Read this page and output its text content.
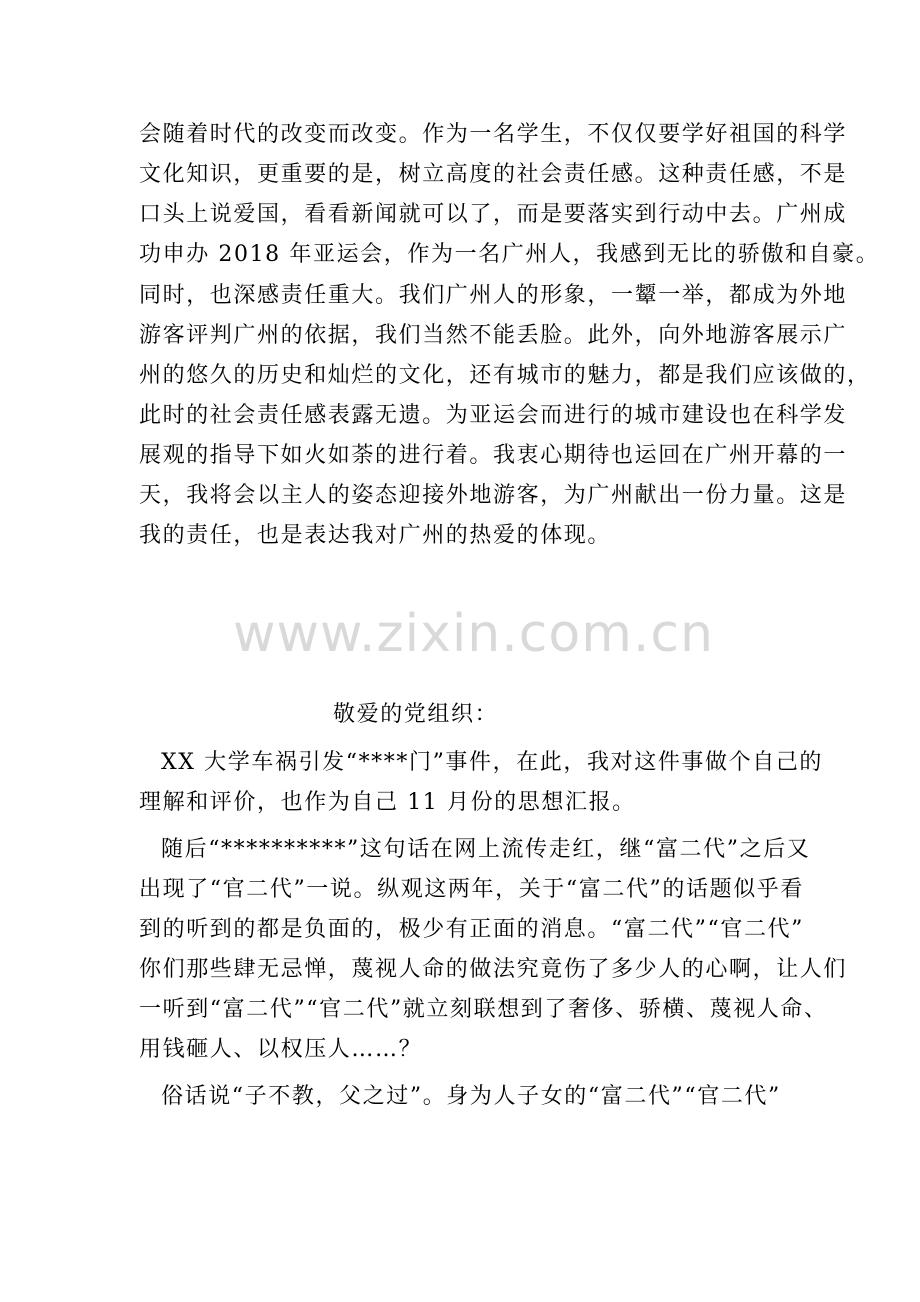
会随着时代的改变而改变。作为一名学生，不仅仅要学好祖国的科学

文化知识，更重要的是，树立高度的社会责任感。这种责任感，不是

口头上说爱国，看看新闻就可以了，而是要落实到行动中去。广州成

功申办 2018 年亚运会，作为一名广州人，我感到无比的骄傲和自豪。

同时，也深感责任重大。我们广州人的形象，一颦一举，都成为外地

游客评判广州的依据，我们当然不能丢脸。此外，向外地游客展示广

州的悠久的历史和灿烂的文化，还有城市的魅力，都是我们应该做的，

此时的社会责任感表露无遗。为亚运会而进行的城市建设也在科学发

展观的指导下如火如荼的进行着。我衷心期待也运回在广州开幕的一

天，我将会以主人的姿态迎接外地游客，为广州献出一份力量。这是

我的责任，也是表达我对广州的热爱的体现。

www.zixin.com.cn

敬爱的党组织：

XX 大学车祸引发“****门”事件，在此，我对这件事做个自己的

理解和评价，也作为自己 11 月份的思想汇报。

随后“**********”这句话在网上流传走红，继“富二代”之后又

出现了“官二代”一说。纵观这两年，关于“富二代”的话题似乎看

到的听到的都是负面的，极少有正面的消息。“富二代”“官二代”

你们那些肆无忌惮，蔑视人命的做法究竟伤了多少人的心啊，让人们

一听到“富二代”“官二代”就立刻联想到了奢侈、骄横、蔑视人命、

用钱砸人、以权压人……？

俗话说“子不教，父之过”。身为人子女的“富二代”“官二代”
